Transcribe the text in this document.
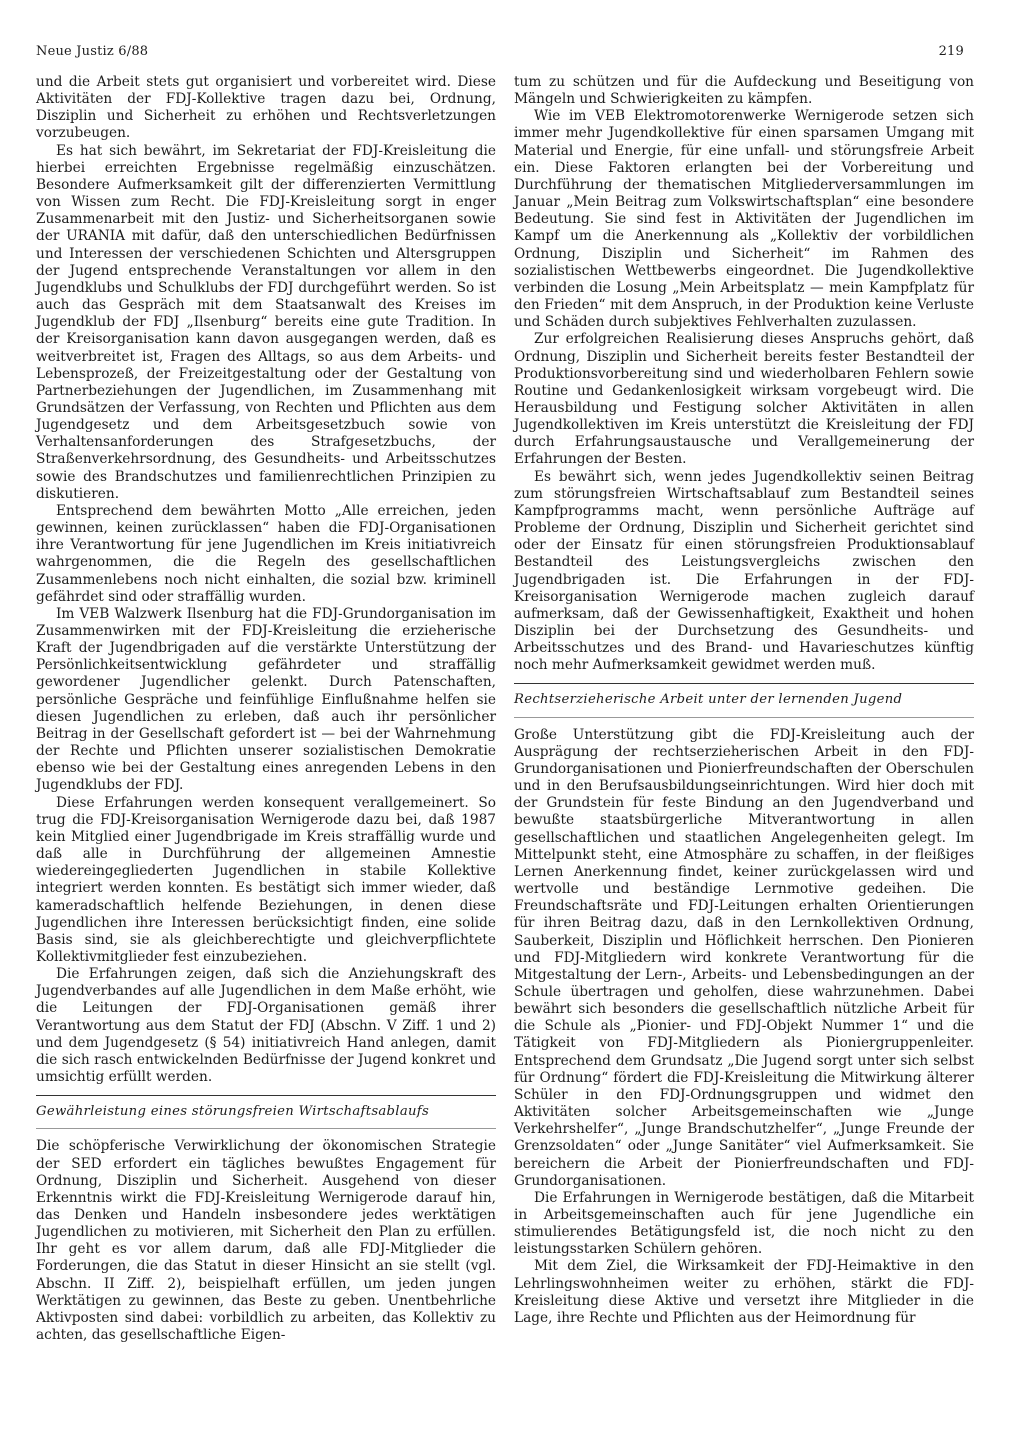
Neue Justiz 6/88	219

und die Arbeit stets gut organisiert und vorbereitet wird. Diese Aktivitäten der FDJ-Kollektive tragen dazu bei, Ordnung, Disziplin und Sicherheit zu erhöhen und Rechtsverletzungen vorzubeugen.

Es hat sich bewährt, im Sekretariat der FDJ-Kreisleitung die hierbei erreichten Ergebnisse regelmäßig einzuschätzen. Besondere Aufmerksamkeit gilt der differenzierten Vermittlung von Wissen zum Recht. Die FDJ-Kreisleitung sorgt in enger Zusammenarbeit mit den Justiz- und Sicherheitsorganen sowie der URANIA mit dafür, daß den unterschiedlichen Bedürfnissen und Interessen der verschiedenen Schichten und Altersgruppen der Jugend entsprechende Veranstaltungen vor allem in den Jugendklubs und Schulklubs der FDJ durchgeführt werden. So ist auch das Gespräch mit dem Staatsanwalt des Kreises im Jugendklub der FDJ „Ilsenburg“ bereits eine gute Tradition. In der Kreisorganisation kann davon ausgegangen werden, daß es weitverbreitet ist, Fragen des Alltags, so aus dem Arbeits- und Lebensprozeß, der Freizeitgestaltung oder der Gestaltung von Partnerbeziehungen der Jugendlichen, im Zusammenhang mit Grundsätzen der Verfassung, von Rechten und Pflichten aus dem Jugendgesetz und dem Arbeitsgesetzbuch sowie von Verhaltensanforderungen des Strafgesetzbuchs, der Straßenverkehrsordnung, des Gesundheits- und Arbeitsschutzes sowie des Brandschutzes und familienrechtlichen Prinzipien zu diskutieren.

Entsprechend dem bewährten Motto „Alle erreichen, jeden gewinnen, keinen zurücklassen“ haben die FDJ-Organisationen ihre Verantwortung für jene Jugendlichen im Kreis initiativreich wahrgenommen, die die Regeln des gesellschaftlichen Zusammenlebens noch nicht einhalten, die sozial bzw. kriminell gefährdet sind oder straffällig wurden.

Im VEB Walzwerk Ilsenburg hat die FDJ-Grundorganisation im Zusammenwirken mit der FDJ-Kreisleitung die erzieherische Kraft der Jugendbrigaden auf die verstärkte Unterstützung der Persönlichkeitsentwicklung gefährdeter und straffällig gewordener Jugendlicher gelenkt. Durch Patenschaften, persönliche Gespräche und feinfühlige Einflußnahme helfen sie diesen Jugendlichen zu erleben, daß auch ihr persönlicher Beitrag in der Gesellschaft gefordert ist — bei der Wahrnehmung der Rechte und Pflichten unserer sozialistischen Demokratie ebenso wie bei der Gestaltung eines anregenden Lebens in den Jugendklubs der FDJ.

Diese Erfahrungen werden konsequent verallgemeinert. So trug die FDJ-Kreisorganisation Wernigerode dazu bei, daß 1987 kein Mitglied einer Jugendbrigade im Kreis straffällig wurde und daß alle in Durchführung der allgemeinen Amnestie wiedereingegliederten Jugendlichen in stabile Kollektive integriert werden konnten. Es bestätigt sich immer wieder, daß kameradschaftlich helfende Beziehungen, in denen diese Jugendlichen ihre Interessen berücksichtigt finden, eine solide Basis sind, sie als gleichberechtigte und gleichverpflichtete Kollektivmitglieder fest einzubeziehen.

Die Erfahrungen zeigen, daß sich die Anziehungskraft des Jugendverbandes auf alle Jugendlichen in dem Maße erhöht, wie die Leitungen der FDJ-Organisationen gemäß ihrer Verantwortung aus dem Statut der FDJ (Abschn. V Ziff. 1 und 2) und dem Jugendgesetz (§ 54) initiativreich Hand anlegen, damit die sich rasch entwickelnden Bedürfnisse der Jugend konkret und umsichtig erfüllt werden.

Gewährleistung eines störungsfreien Wirtschaftsablaufs

Die schöpferische Verwirklichung der ökonomischen Strategie der SED erfordert ein tägliches bewußtes Engagement für Ordnung, Disziplin und Sicherheit. Ausgehend von dieser Erkenntnis wirkt die FDJ-Kreisleitung Wernigerode darauf hin, das Denken und Handeln insbesondere jedes werktätigen Jugendlichen zu motivieren, mit Sicherheit den Plan zu erfüllen. Ihr geht es vor allem darum, daß alle FDJ-Mitglieder die Forderungen, die das Statut in dieser Hinsicht an sie stellt (vgl. Abschn. II Ziff. 2), beispielhaft erfüllen, um jeden jungen Werktätigen zu gewinnen, das Beste zu geben. Unentbehrliche Aktivposten sind dabei: vorbildlich zu arbeiten, das Kollektiv zu achten, das gesellschaftliche Eigen-

tum zu schützen und für die Aufdeckung und Beseitigung von Mängeln und Schwierigkeiten zu kämpfen.

Wie im VEB Elektromotorenwerke Wernigerode setzen sich immer mehr Jugendkollektive für einen sparsamen Umgang mit Material und Energie, für eine unfall- und störungsfreie Arbeit ein. Diese Faktoren erlangten bei der Vorbereitung und Durchführung der thematischen Mitgliederversammlungen im Januar „Mein Beitrag zum Volkswirtschaftsplan“ eine besondere Bedeutung. Sie sind fest in Aktivitäten der Jugendlichen im Kampf um die Anerkennung als „Kollektiv der vorbildlichen Ordnung, Disziplin und Sicherheit“ im Rahmen des sozialistischen Wettbewerbs eingeordnet. Die Jugendkollektive verbinden die Losung „Mein Arbeitsplatz — mein Kampfplatz für den Frieden“ mit dem Anspruch, in der Produktion keine Verluste und Schäden durch subjektives Fehlverhalten zuzulassen.

Zur erfolgreichen Realisierung dieses Anspruchs gehört, daß Ordnung, Disziplin und Sicherheit bereits fester Bestandteil der Produktionsvorbereitung sind und wiederholbaren Fehlern sowie Routine und Gedankenlosigkeit wirksam vorgebeugt wird. Die Herausbildung und Festigung solcher Aktivitäten in allen Jugendkollektiven im Kreis unterstützt die Kreisleitung der FDJ durch Erfahrungsaustausche und Verallgemeinerung der Erfahrungen der Besten.

Es bewährt sich, wenn jedes Jugendkollektiv seinen Beitrag zum störungsfreien Wirtschaftsablauf zum Bestandteil seines Kampfprogramms macht, wenn persönliche Aufträge auf Probleme der Ordnung, Disziplin und Sicherheit gerichtet sind oder der Einsatz für einen störungsfreien Produktionsablauf Bestandteil des Leistungsvergleichs zwischen den Jugendbrigaden ist. Die Erfahrungen in der FDJ-Kreisorganisation Wernigerode machen zugleich darauf aufmerksam, daß der Gewissenhaftigkeit, Exaktheit und hohen Disziplin bei der Durchsetzung des Gesundheits- und Arbeitsschutzes und des Brand- und Havarieschutzes künftig noch mehr Aufmerksamkeit gewidmet werden muß.

Rechtserzieherische Arbeit unter der lernenden Jugend

Große Unterstützung gibt die FDJ-Kreisleitung auch der Ausprägung der rechtserzieherischen Arbeit in den FDJ-Grundorganisationen und Pionierfreundschaften der Oberschulen und in den Berufsausbildungseinrichtungen. Wird hier doch mit der Grundstein für feste Bindung an den Jugendverband und bewußte staatsbürgerliche Mitverantwortung in allen gesellschaftlichen und staatlichen Angelegenheiten gelegt. Im Mittelpunkt steht, eine Atmosphäre zu schaffen, in der fleißiges Lernen Anerkennung findet, keiner zurückgelassen wird und wertvolle und beständige Lernmotive gedeihen. Die Freundschaftsräte und FDJ-Leitungen erhalten Orientierungen für ihren Beitrag dazu, daß in den Lernkollektiven Ordnung, Sauberkeit, Disziplin und Höflichkeit herrschen. Den Pionieren und FDJ-Mitgliedern wird konkrete Verantwortung für die Mitgestaltung der Lern-, Arbeits- und Lebensbedingungen an der Schule übertragen und geholfen, diese wahrzunehmen. Dabei bewährt sich besonders die gesellschaftlich nützliche Arbeit für die Schule als „Pionier- und FDJ-Objekt Nummer 1“ und die Tätigkeit von FDJ-Mitgliedern als Pioniergruppenleiter. Entsprechend dem Grundsatz „Die Jugend sorgt unter sich selbst für Ordnung“ fördert die FDJ-Kreisleitung die Mitwirkung älterer Schüler in den FDJ-Ordnungsgruppen und widmet den Aktivitäten solcher Arbeitsgemeinschaften wie „Junge Verkehrshelfer“, „Junge Brandschutzhelfer“, „Junge Freunde der Grenzsoldaten“ oder „Junge Sanitäter“ viel Aufmerksamkeit. Sie bereichern die Arbeit der Pionierfreundschaften und FDJ-Grundorganisationen.

Die Erfahrungen in Wernigerode bestätigen, daß die Mitarbeit in Arbeitsgemeinschaften auch für jene Jugendliche ein stimulierendes Betätigungsfeld ist, die noch nicht zu den leistungsstarken Schülern gehören.

Mit dem Ziel, die Wirksamkeit der FDJ-Heimaktive in den Lehrlingswohnheimen weiter zu erhöhen, stärkt die FDJ-Kreisleitung diese Aktive und versetzt ihre Mitglieder in die Lage, ihre Rechte und Pflichten aus der Heimordnung für
